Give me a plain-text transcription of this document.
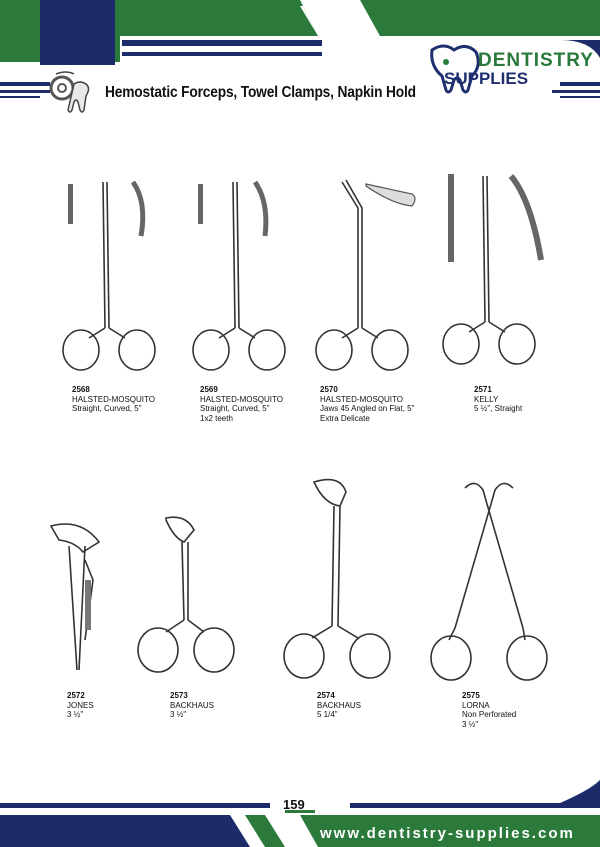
DENTISTRY
SUPPLIES
Hemostatic Forceps, Towel Clamps, Napkin Hold
2568
HALSTED-MOSQUITO
Straight, Curved, 5"
2569
HALSTED-MOSQUITO
Straight, Curved, 5"
1x2 teeth
2570
HALSTED-MOSQUITO
Jaws 45 Angled on Flat, 5"
Extra Delicate
2571
KELLY
5 ½", Straight
2572
JONES
3 ½"
2573
BACKHAUS
3 ½"
2574
BACKHAUS
5 1/4"
2575
LORNA
Non Perforated
3 ½"
159
www.dentistry-supplies.com
